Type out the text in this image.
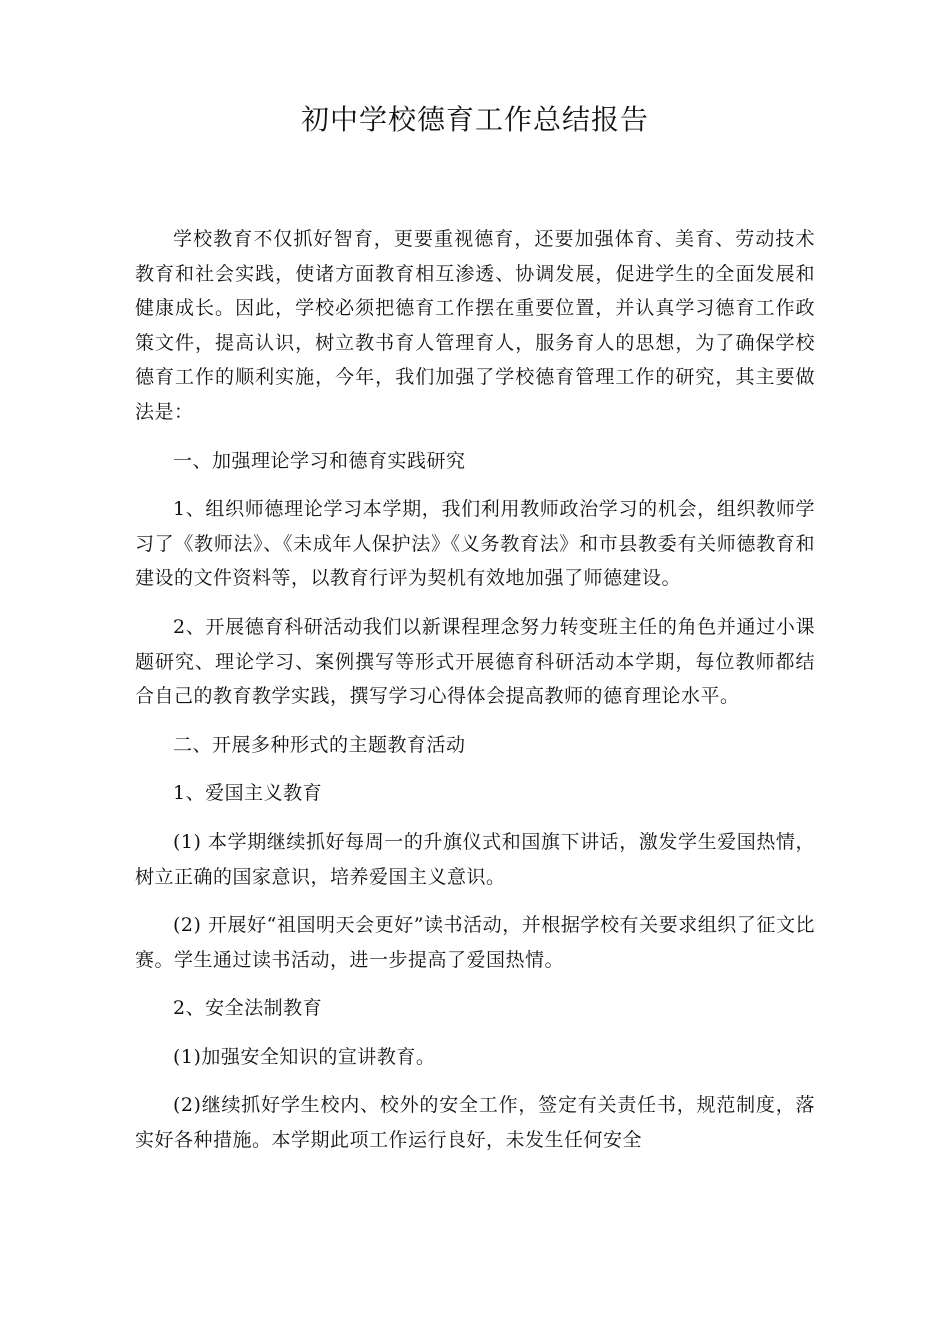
初中学校德育工作总结报告

学校教育不仅抓好智育，更要重视德育，还要加强体育、美育、劳动技术教育和社会实践，使诸方面教育相互渗透、协调发展，促进学生的全面发展和健康成长。因此，学校必须把德育工作摆在重要位置，并认真学习德育工作政策文件，提高认识，树立教书育人管理育人，服务育人的思想，为了确保学校德育工作的顺利实施，今年，我们加强了学校德育管理工作的研究，其主要做法是：

一、加强理论学习和德育实践研究

1、组织师德理论学习本学期，我们利用教师政治学习的机会，组织教师学习了《教师法》、《未成年人保护法》《义务教育法》和市县教委有关师德教育和建设的文件资料等，以教育行评为契机有效地加强了师德建设。

2、开展德育科研活动我们以新课程理念努力转变班主任的角色并通过小课题研究、理论学习、案例撰写等形式开展德育科研活动本学期，每位教师都结合自己的教育教学实践，撰写学习心得体会提高教师的德育理论水平。

二、开展多种形式的主题教育活动

1、爱国主义教育

(1) 本学期继续抓好每周一的升旗仪式和国旗下讲话，激发学生爱国热情，树立正确的国家意识，培养爱国主义意识。

(2) 开展好“祖国明天会更好”读书活动，并根据学校有关要求组织了征文比赛。学生通过读书活动，进一步提高了爱国热情。

2、安全法制教育

(1)加强安全知识的宣讲教育。

(2)继续抓好学生校内、校外的安全工作，签定有关责任书，规范制度，落实好各种措施。本学期此项工作运行良好，未发生任何安全
